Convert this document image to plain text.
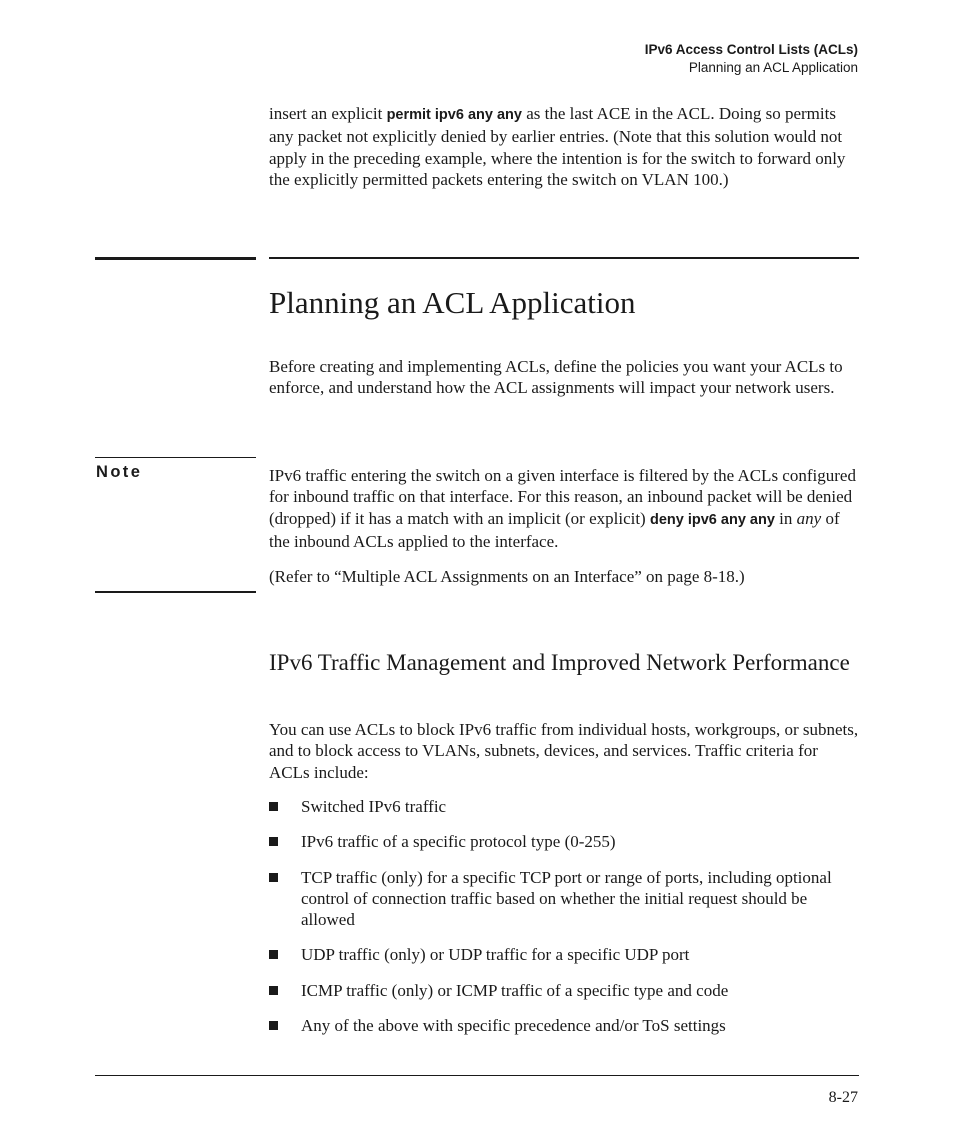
IPv6 Access Control Lists (ACLs)
Planning an ACL Application

insert an explicit permit ipv6 any any as the last ACE in the ACL. Doing so permits any packet not explicitly denied by earlier entries. (Note that this solution would not apply in the preceding example, where the intention is for the switch to forward only the explicitly permitted packets entering the switch on VLAN 100.)

Planning an ACL Application

Before creating and implementing ACLs, define the policies you want your ACLs to enforce, and understand how the ACL assignments will impact your network users.

Note	IPv6 traffic entering the switch on a given interface is filtered by the ACLs configured for inbound traffic on that interface. For this reason, an inbound packet will be denied (dropped) if it has a match with an implicit (or explicit) deny ipv6 any any in any of the inbound ACLs applied to the interface.

(Refer to “Multiple ACL Assignments on an Interface” on page 8-18.)

IPv6 Traffic Management and Improved Network Performance

You can use ACLs to block IPv6 traffic from individual hosts, workgroups, or subnets, and to block access to VLANs, subnets, devices, and services. Traffic criteria for ACLs include:

Switched IPv6 traffic
IPv6 traffic of a specific protocol type (0-255)
TCP traffic (only) for a specific TCP port or range of ports, including optional control of connection traffic based on whether the initial request should be allowed
UDP traffic (only) or UDP traffic for a specific UDP port
ICMP traffic (only) or ICMP traffic of a specific type and code
Any of the above with specific precedence and/or ToS settings
8-27
